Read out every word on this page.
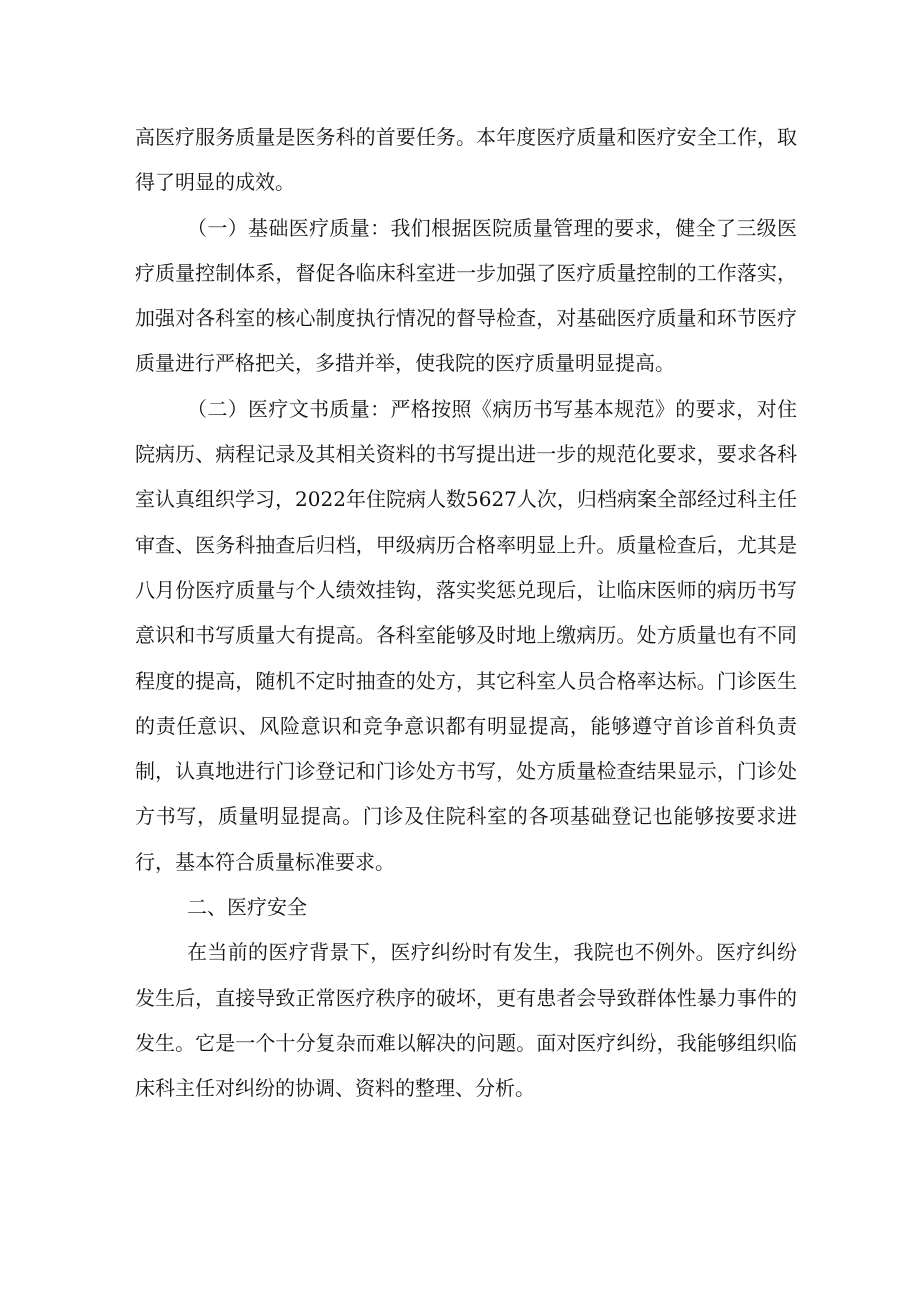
高医疗服务质量是医务科的首要任务。本年度医疗质量和医疗安全工作，取得了明显的成效。

（一）基础医疗质量：我们根据医院质量管理的要求，健全了三级医疗质量控制体系，督促各临床科室进一步加强了医疗质量控制的工作落实，加强对各科室的核心制度执行情况的督导检查，对基础医疗质量和环节医疗质量进行严格把关，多措并举，使我院的医疗质量明显提高。

（二）医疗文书质量：严格按照《病历书写基本规范》的要求，对住院病历、病程记录及其相关资料的书写提出进一步的规范化要求，要求各科室认真组织学习，2022年住院病人数5627人次，归档病案全部经过科主任审查、医务科抽查后归档，甲级病历合格率明显上升。质量检查后，尤其是八月份医疗质量与个人绩效挂钩，落实奖惩兑现后，让临床医师的病历书写意识和书写质量大有提高。各科室能够及时地上缴病历。处方质量也有不同程度的提高，随机不定时抽查的处方，其它科室人员合格率达标。门诊医生的责任意识、风险意识和竞争意识都有明显提高，能够遵守首诊首科负责制，认真地进行门诊登记和门诊处方书写，处方质量检查结果显示，门诊处方书写，质量明显提高。门诊及住院科室的各项基础登记也能够按要求进行，基本符合质量标准要求。

二、医疗安全

在当前的医疗背景下，医疗纠纷时有发生，我院也不例外。医疗纠纷发生后，直接导致正常医疗秩序的破坏，更有患者会导致群体性暴力事件的发生。它是一个十分复杂而难以解决的问题。面对医疗纠纷，我能够组织临床科主任对纠纷的协调、资料的整理、分析。
